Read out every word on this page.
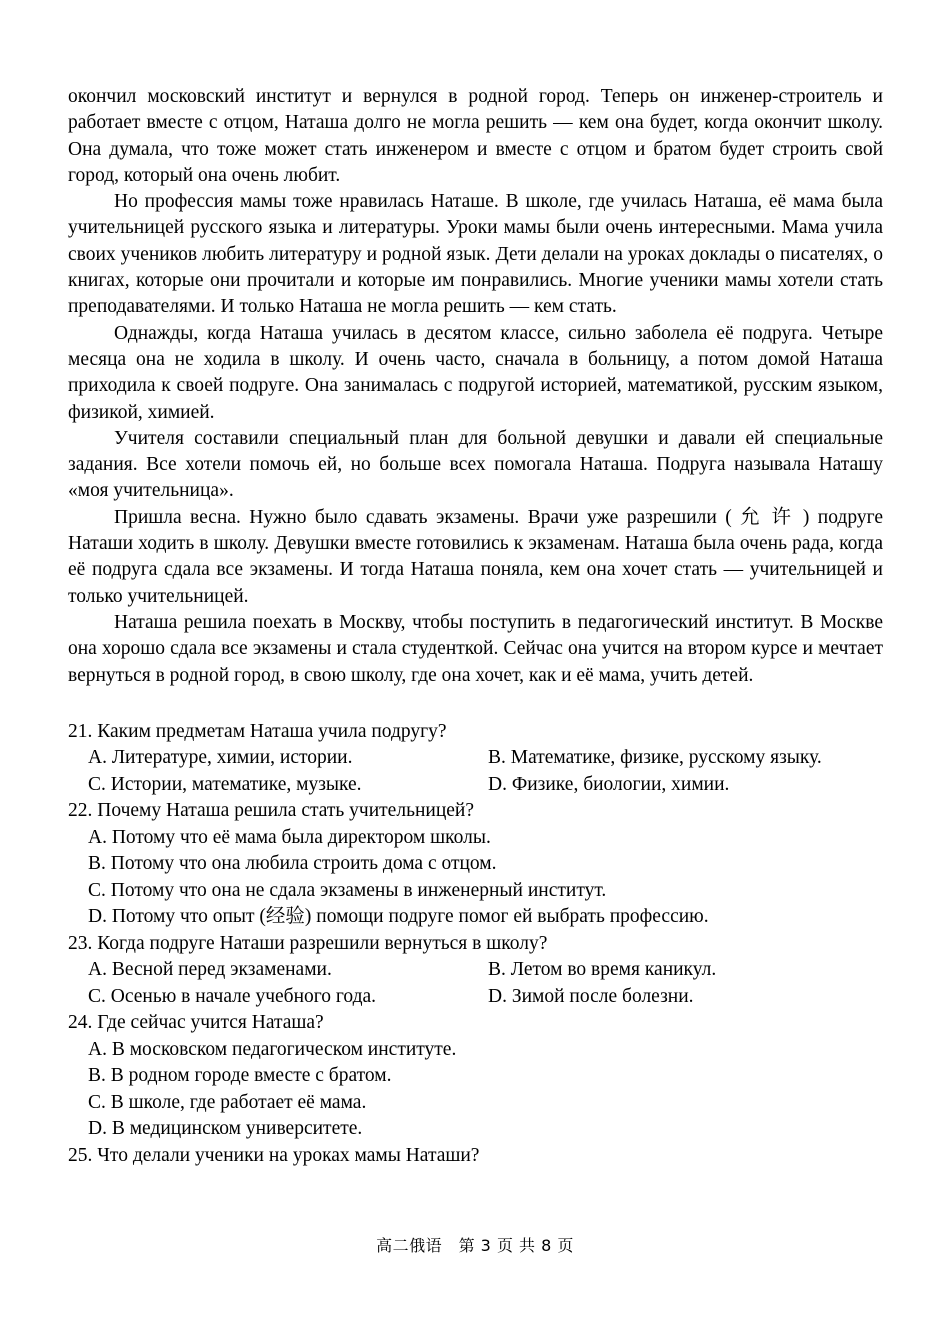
окончил московский институт и вернулся в родной город. Теперь он инженер-строитель и работает вместе с отцом, Наташа долго не могла решить — кем она будет, когда окончит школу. Она думала, что тоже может стать инженером и вместе с отцом и братом будет строить свой город, который она очень любит.

Но профессия мамы тоже нравилась Наташе. В школе, где училась Наташа, её мама была учительницей русского языка и литературы. Уроки мамы были очень интересными. Мама учила своих учеников любить литературу и родной язык. Дети делали на уроках доклады о писателях, о книгах, которые они прочитали и которые им понравились. Многие ученики мамы хотели стать преподавателями. И только Наташа не могла решить — кем стать.

Однажды, когда Наташа училась в десятом классе, сильно заболела её подруга. Четыре месяца она не ходила в школу. И очень часто, сначала в больницу, а потом домой Наташа приходила к своей подруге. Она занималась с подругой историей, математикой, русским языком, физикой, химией.

Учителя составили специальный план для больной девушки и давали ей специальные задания. Все хотели помочь ей, но больше всех помогала Наташа. Подруга называла Наташу «моя учительница».

Пришла весна. Нужно было сдавать экзамены. Врачи уже разрешили ( 允 许 ) подруге Наташи ходить в школу. Девушки вместе готовились к экзаменам. Наташа была очень рада, когда её подруга сдала все экзамены. И тогда Наташа поняла, кем она хочет стать — учительницей и только учительницей.

Наташа решила поехать в Москву, чтобы поступить в педагогический институт. В Москве она хорошо сдала все экзамены и стала студенткой. Сейчас она учится на втором курсе и мечтает вернуться в родной город, в свою школу, где она хочет, как и её мама, учить детей.

21. Каким предметам Наташа учила подругу?

A. Литературе, химии, истории.	B. Математике, физике, русскому языку.
C. Истории, математике, музыке.	D. Физике, биологии, химии.

22. Почему Наташа решила стать учительницей?

A. Потому что её мама была директором школы.
B. Потому что она любила строить дома с отцом.
C. Потому что она не сдала экзамены в инженерный институт.
D. Потому что опыт (经验) помощи подруге помог ей выбрать профессию.

23. Когда подруге Наташи разрешили вернуться в школу?

A. Весной перед экзаменами.	B. Летом во время каникул.
C. Осенью в начале учебного года.	D. Зимой после болезни.

24. Где сейчас учится Наташа?

A. В московском педагогическом институте.
B. В родном городе вместе с братом.
C. В школе, где работает её мама.
D. В медицинском университете.

25. Что делали ученики на уроках мамы Наташи?

高二俄语　第 3 页 共 8 页
